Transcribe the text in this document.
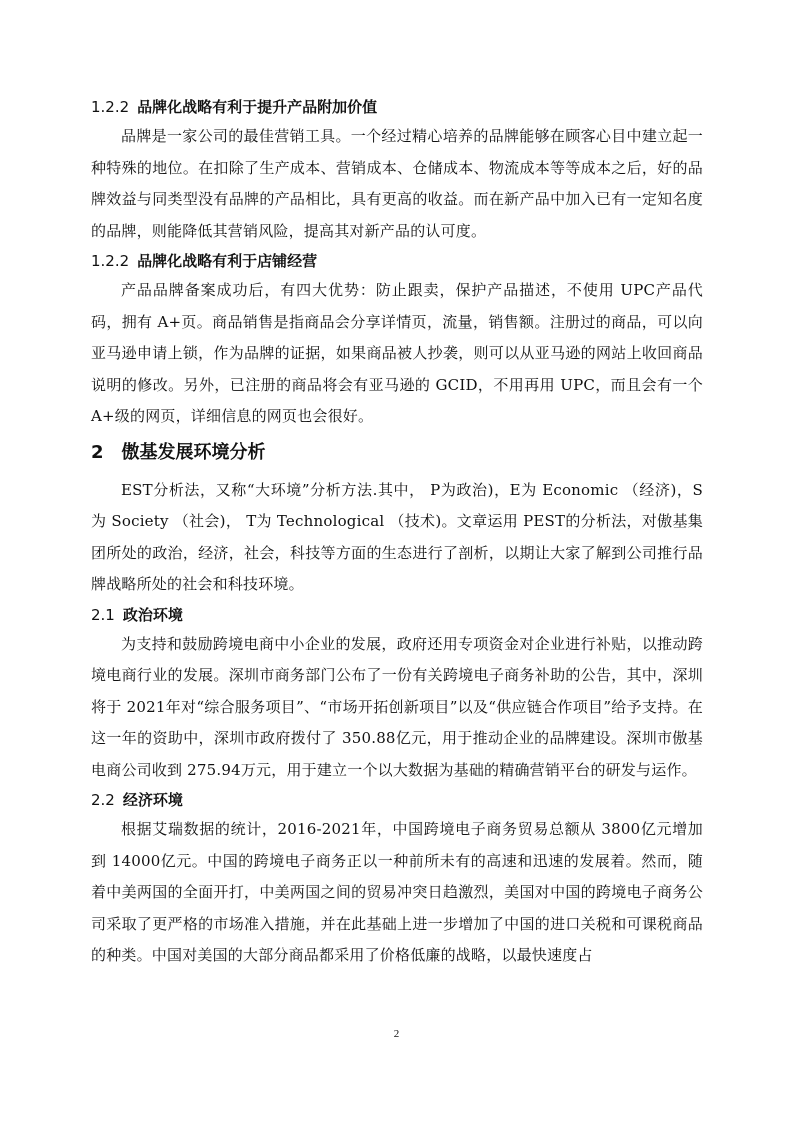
1.2.2 品牌化战略有利于提升产品附加价值

品牌是一家公司的最佳营销工具。一个经过精心培养的品牌能够在顾客心目中建立起一种特殊的地位。在扣除了生产成本、营销成本、仓储成本、物流成本等等成本之后，好的品牌效益与同类型没有品牌的产品相比，具有更高的收益。而在新产品中加入已有一定知名度的品牌，则能降低其营销风险，提高其对新产品的认可度。

1.2.2 品牌化战略有利于店铺经营

产品品牌备案成功后，有四大优势：防止跟卖，保护产品描述，不使用 UPC产品代码，拥有 A+页。商品销售是指商品会分享详情页，流量，销售额。注册过的商品，可以向亚马逊申请上锁，作为品牌的证据，如果商品被人抄袭，则可以从亚马逊的网站上收回商品说明的修改。另外，已注册的商品将会有亚马逊的 GCID，不用再用 UPC，而且会有一个 A+级的网页，详细信息的网页也会很好。

2 傲基发展环境分析

EST分析法，又称“大环境”分析方法.其中， P为政治)，E为 Economic （经济)，S为 Society （社会)， T为 Technological （技术)。文章运用 PEST的分析法，对傲基集团所处的政治，经济，社会，科技等方面的生态进行了剖析，以期让大家了解到公司推行品牌战略所处的社会和科技环境。

2.1 政治环境

为支持和鼓励跨境电商中小企业的发展，政府还用专项资金对企业进行补贴，以推动跨境电商行业的发展。深圳市商务部门公布了一份有关跨境电子商务补助的公告，其中，深圳将于 2021年对“综合服务项目”、“市场开拓创新项目”以及“供应链合作项目”给予支持。在这一年的资助中，深圳市政府拨付了 350.88亿元，用于推动企业的品牌建设。深圳市傲基电商公司收到 275.94万元，用于建立一个以大数据为基础的精确营销平台的研发与运作。

2.2 经济环境

根据艾瑞数据的统计，2016-2021年，中国跨境电子商务贸易总额从 3800亿元增加到 14000亿元。中国的跨境电子商务正以一种前所未有的高速和迅速的发展着。然而，随着中美两国的全面开打，中美两国之间的贸易冲突日趋激烈，美国对中国的跨境电子商务公司采取了更严格的市场准入措施，并在此基础上进一步增加了中国的进口关税和可课税商品的种类。中国对美国的大部分商品都采用了价格低廉的战略，以最快速度占

2
